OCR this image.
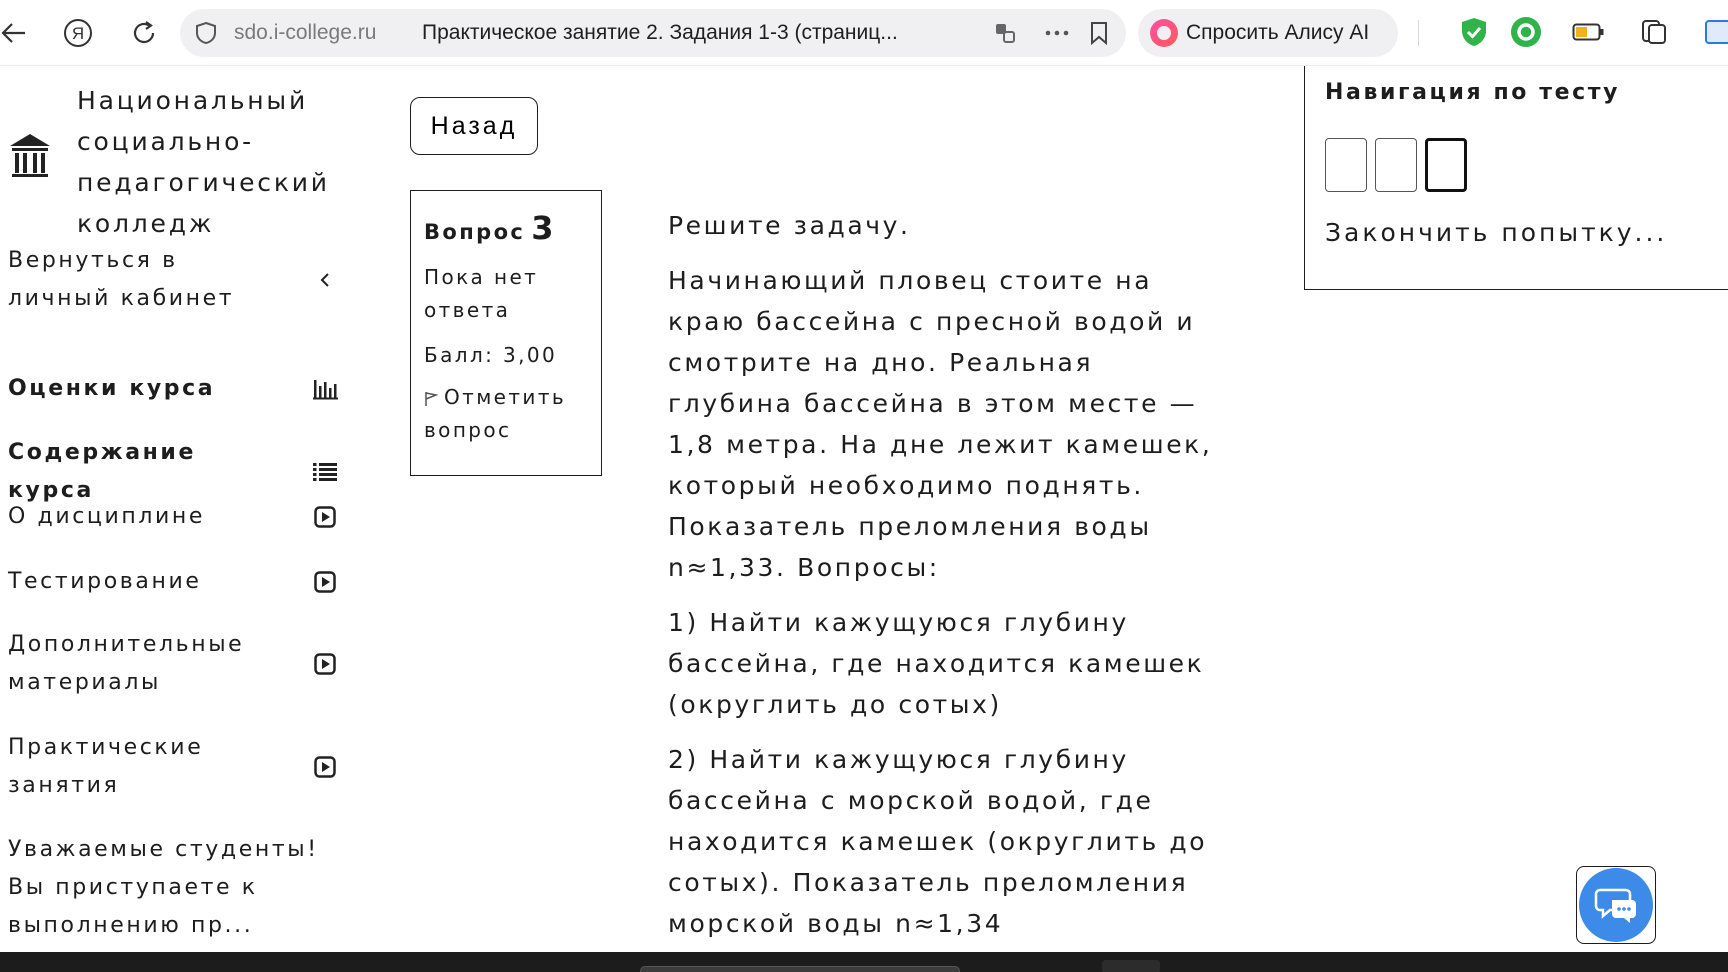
Я	sdo.i-college.ru Практическое занятие 2. Задания 1-3 (страниц...	Спросить Алису AI
Национальный социально-педагогический колледж
Вернуться в личный кабинет
Оценки курса
Содержание курса
О дисциплине
Тестирование
Дополнительные материалы
Практические занятия
Уважаемые студенты! Вы приступаете к выполнению пр...
Назад
Вопрос 3
Пока нет ответа
Балл: 3,00
Отметить вопрос

Решите задачу.

Начинающий пловец стоите на краю бассейна с пресной водой и смотрите на дно. Реальная глубина бассейна в этом месте — 1,8 метра. На дне лежит камешек, который необходимо поднять. Показатель преломления воды n≈1,33. Вопросы:

1) Найти кажущуюся глубину бассейна, где находится камешек (округлить до сотых)

2) Найти кажущуюся глубину бассейна с морской водой, где находится камешек (округлить до сотых). Показатель преломления морской воды n≈1,34

Навигация по тесту
Закончить попытку...
